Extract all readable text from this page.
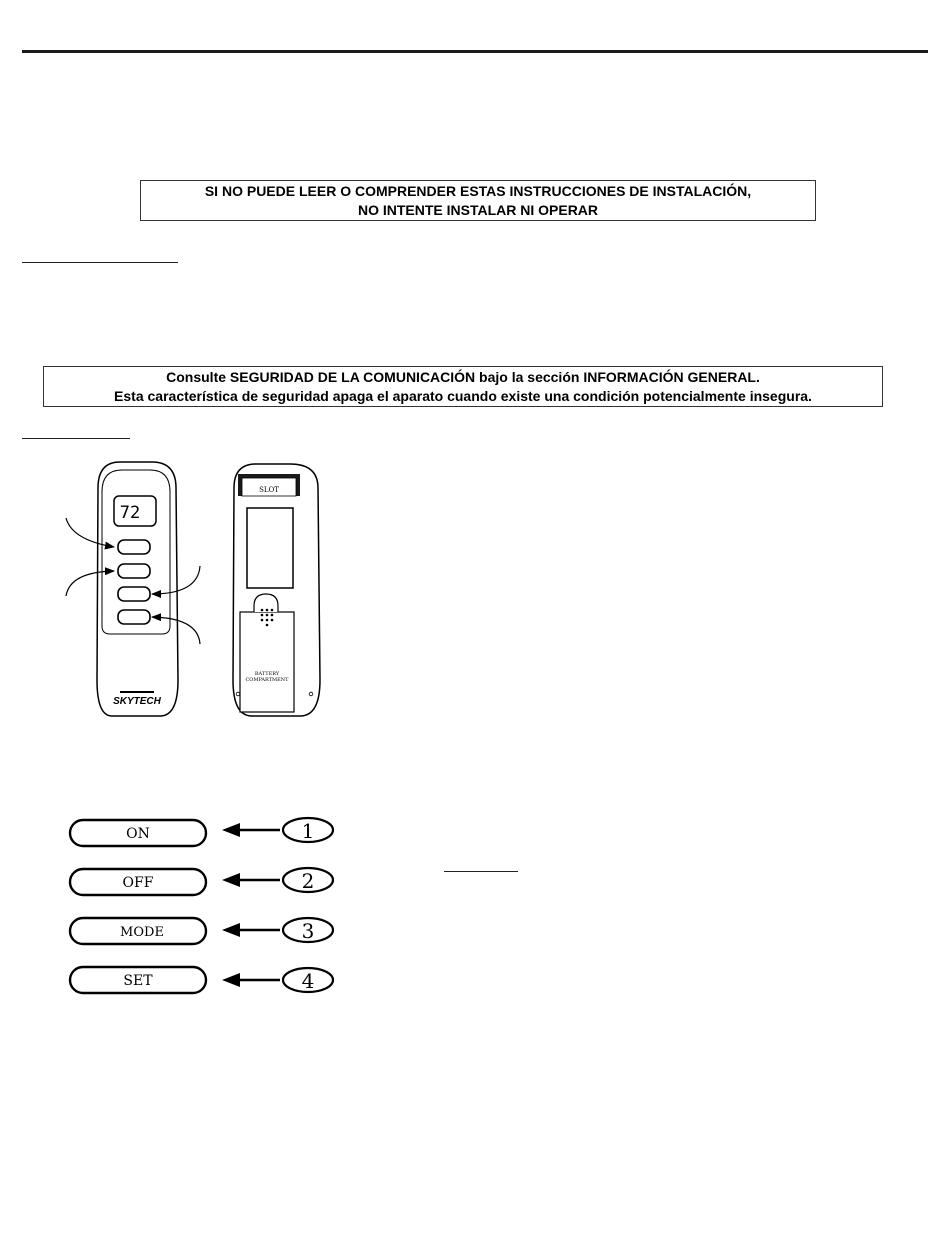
SI NO PUEDE LEER O COMPRENDER ESTAS INSTRUCCIONES DE INSTALACIÓN,
NO INTENTE INSTALAR NI OPERAR
Consulte SEGURIDAD DE LA COMUNICACIÓN bajo la sección INFORMACIÓN GENERAL.
Esta característica de seguridad apaga el aparato cuando existe una condición potencialmente insegura.
72
SKYTECH
SLOT
BATTERY
COMPARTMENT
ON	1
OFF	2
MODE	3
SET	4
